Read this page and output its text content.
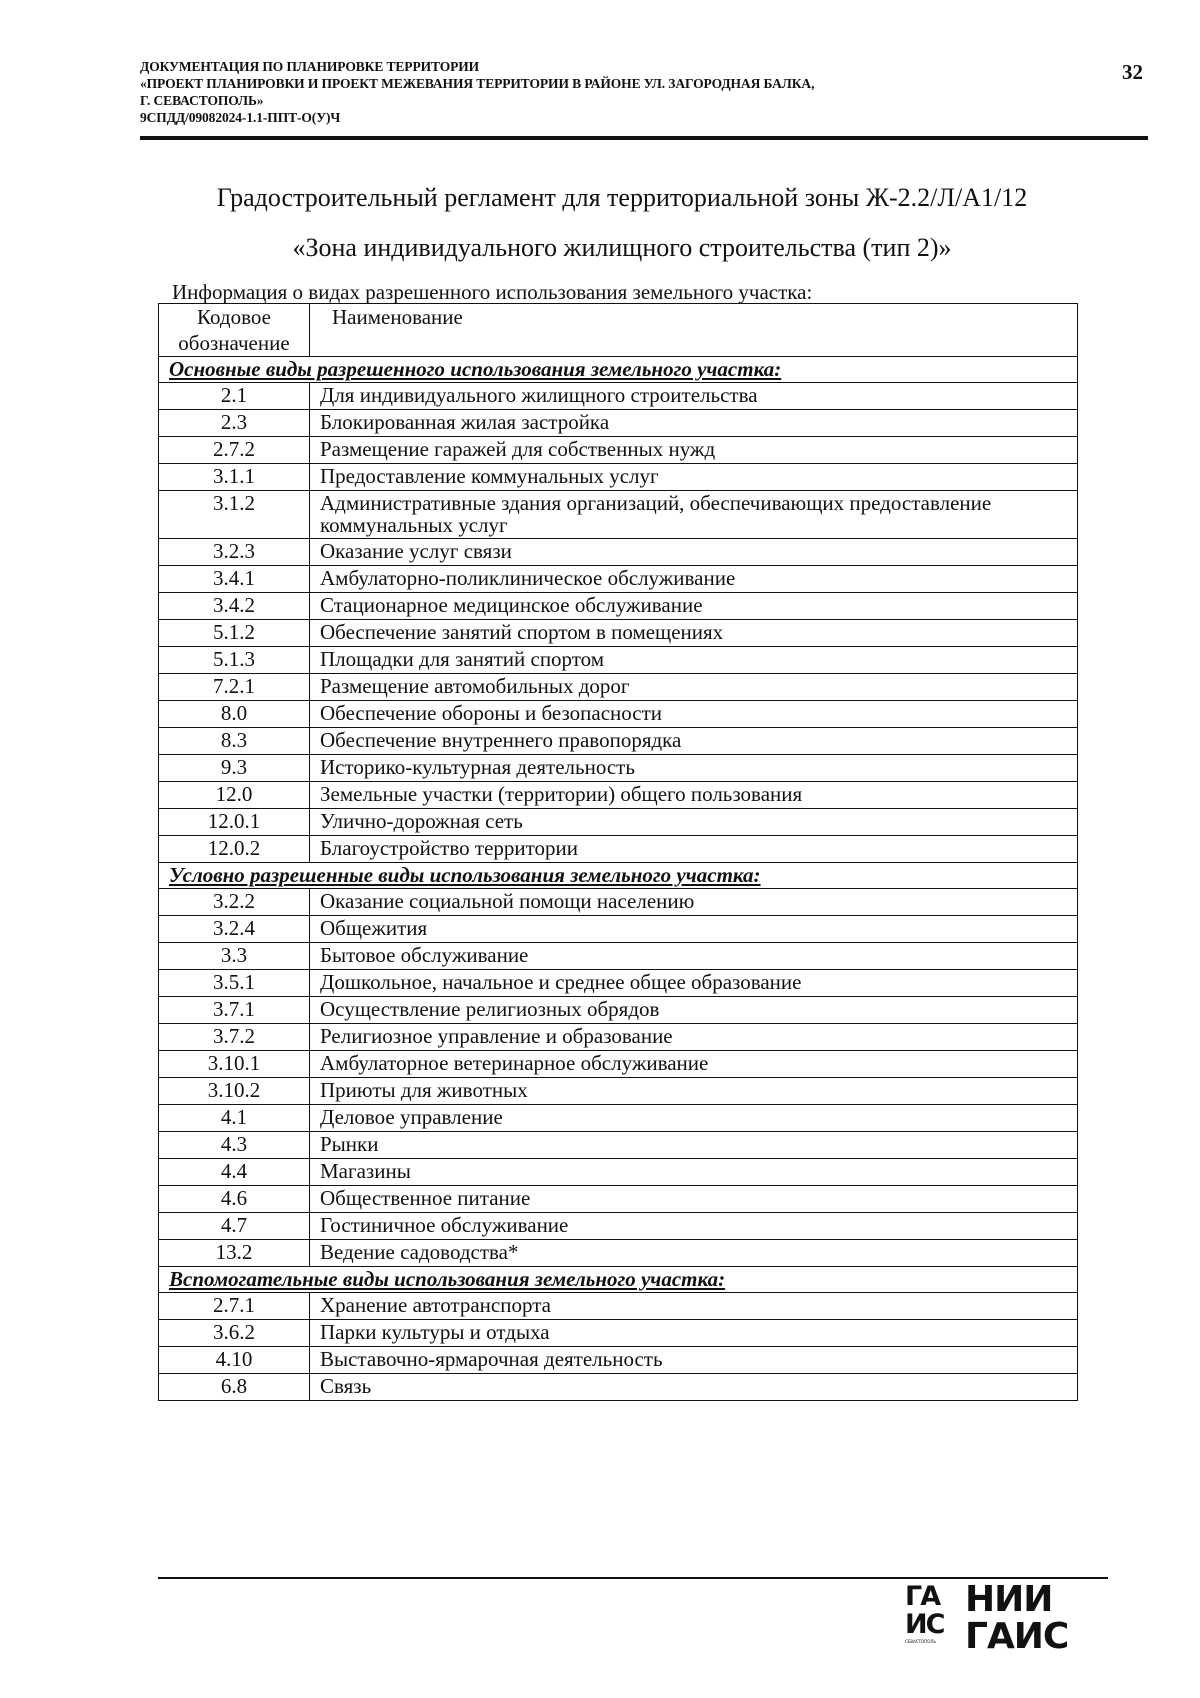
ДОКУМЕНТАЦИЯ ПО ПЛАНИРОВКЕ ТЕРРИТОРИИ
«ПРОЕКТ ПЛАНИРОВКИ И ПРОЕКТ МЕЖЕВАНИЯ ТЕРРИТОРИИ В РАЙОНЕ УЛ. ЗАГОРОДНАЯ БАЛКА,
Г. СЕВАСТОПОЛЬ»
9СПДД/09082024-1.1-ППТ-О(У)Ч
32
Градостроительный регламент для территориальной зоны Ж-2.2/Л/А1/12
«Зона индивидуального жилищного строительства (тип 2)»
Информация о видах разрешенного использования земельного участка:
Кодовое обозначение	Наименование
Основные виды разрешенного использования земельного участка:	
2.1	Для индивидуального жилищного строительства
2.3	Блокированная жилая застройка
2.7.2	Размещение гаражей для собственных нужд
3.1.1	Предоставление коммунальных услуг
3.1.2	Административные здания организаций, обеспечивающих предоставление коммунальных услуг
3.2.3	Оказание услуг связи
3.4.1	Амбулаторно-поликлиническое обслуживание
3.4.2	Стационарное медицинское обслуживание
5.1.2	Обеспечение занятий спортом в помещениях
5.1.3	Площадки для занятий спортом
7.2.1	Размещение автомобильных дорог
8.0	Обеспечение обороны и безопасности
8.3	Обеспечение внутреннего правопорядка
9.3	Историко-культурная деятельность
12.0	Земельные участки (территории) общего пользования
12.0.1	Улично-дорожная сеть
12.0.2	Благоустройство территории
Условно разрешенные виды использования земельного участка:	
3.2.2	Оказание социальной помощи населению
3.2.4	Общежития
3.3	Бытовое обслуживание
3.5.1	Дошкольное, начальное и среднее общее образование
3.7.1	Осуществление религиозных обрядов
3.7.2	Религиозное управление и образование
3.10.1	Амбулаторное ветеринарное обслуживание
3.10.2	Приюты для животных
4.1	Деловое управление
4.3	Рынки
4.4	Магазины
4.6	Общественное питание
4.7	Гостиничное обслуживание
13.2	Ведение садоводства*
Вспомогательные виды использования земельного участка:	
2.7.1	Хранение автотранспорта
3.6.2	Парки культуры и отдыха
4.10	Выставочно-ярмарочная деятельность
6.8	Связь
ГА
ИС
СЕВАСТОПОЛЬ
НИИ
ГАИС
